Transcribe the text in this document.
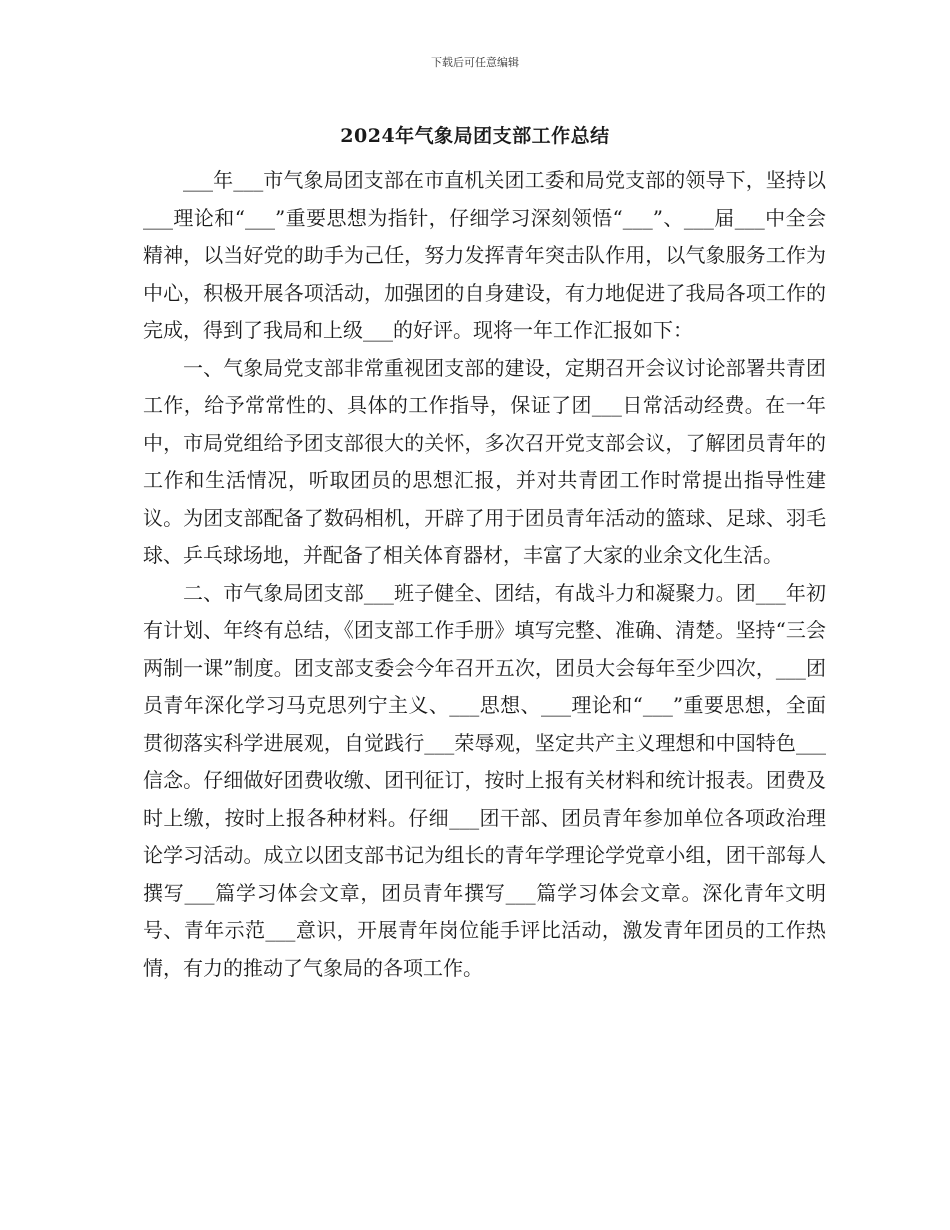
下载后可任意编辑
2024年气象局团支部工作总结

___年___市气象局团支部在市直机关团工委和局党支部的领导下，坚持以___理论和“___”重要思想为指针，仔细学习深刻领悟“___”、___届___中全会精神，以当好党的助手为己任，努力发挥青年突击队作用，以气象服务工作为中心，积极开展各项活动，加强团的自身建设，有力地促进了我局各项工作的完成，得到了我局和上级___的好评。现将一年工作汇报如下：

一、气象局党支部非常重视团支部的建设，定期召开会议讨论部署共青团工作，给予常常性的、具体的工作指导，保证了团___日常活动经费。在一年中，市局党组给予团支部很大的关怀，多次召开党支部会议，了解团员青年的工作和生活情况，听取团员的思想汇报，并对共青团工作时常提出指导性建议。为团支部配备了数码相机，开辟了用于团员青年活动的篮球、足球、羽毛球、乒乓球场地，并配备了相关体育器材，丰富了大家的业余文化生活。

二、市气象局团支部___班子健全、团结，有战斗力和凝聚力。团___年初有计划、年终有总结，《团支部工作手册》填写完整、准确、清楚。坚持“三会两制一课”制度。团支部支委会今年召开五次，团员大会每年至少四次，___团员青年深化学习马克思列宁主义、___思想、___理论和“___”重要思想，全面贯彻落实科学进展观，自觉践行___荣辱观，坚定共产主义理想和中国特色___信念。仔细做好团费收缴、团刊征订，按时上报有关材料和统计报表。团费及时上缴，按时上报各种材料。仔细___团干部、团员青年参加单位各项政治理论学习活动。成立以团支部书记为组长的青年学理论学党章小组，团干部每人撰写___篇学习体会文章，团员青年撰写___篇学习体会文章。深化青年文明号、青年示范___意识，开展青年岗位能手评比活动，激发青年团员的工作热情，有力的推动了气象局的各项工作。
